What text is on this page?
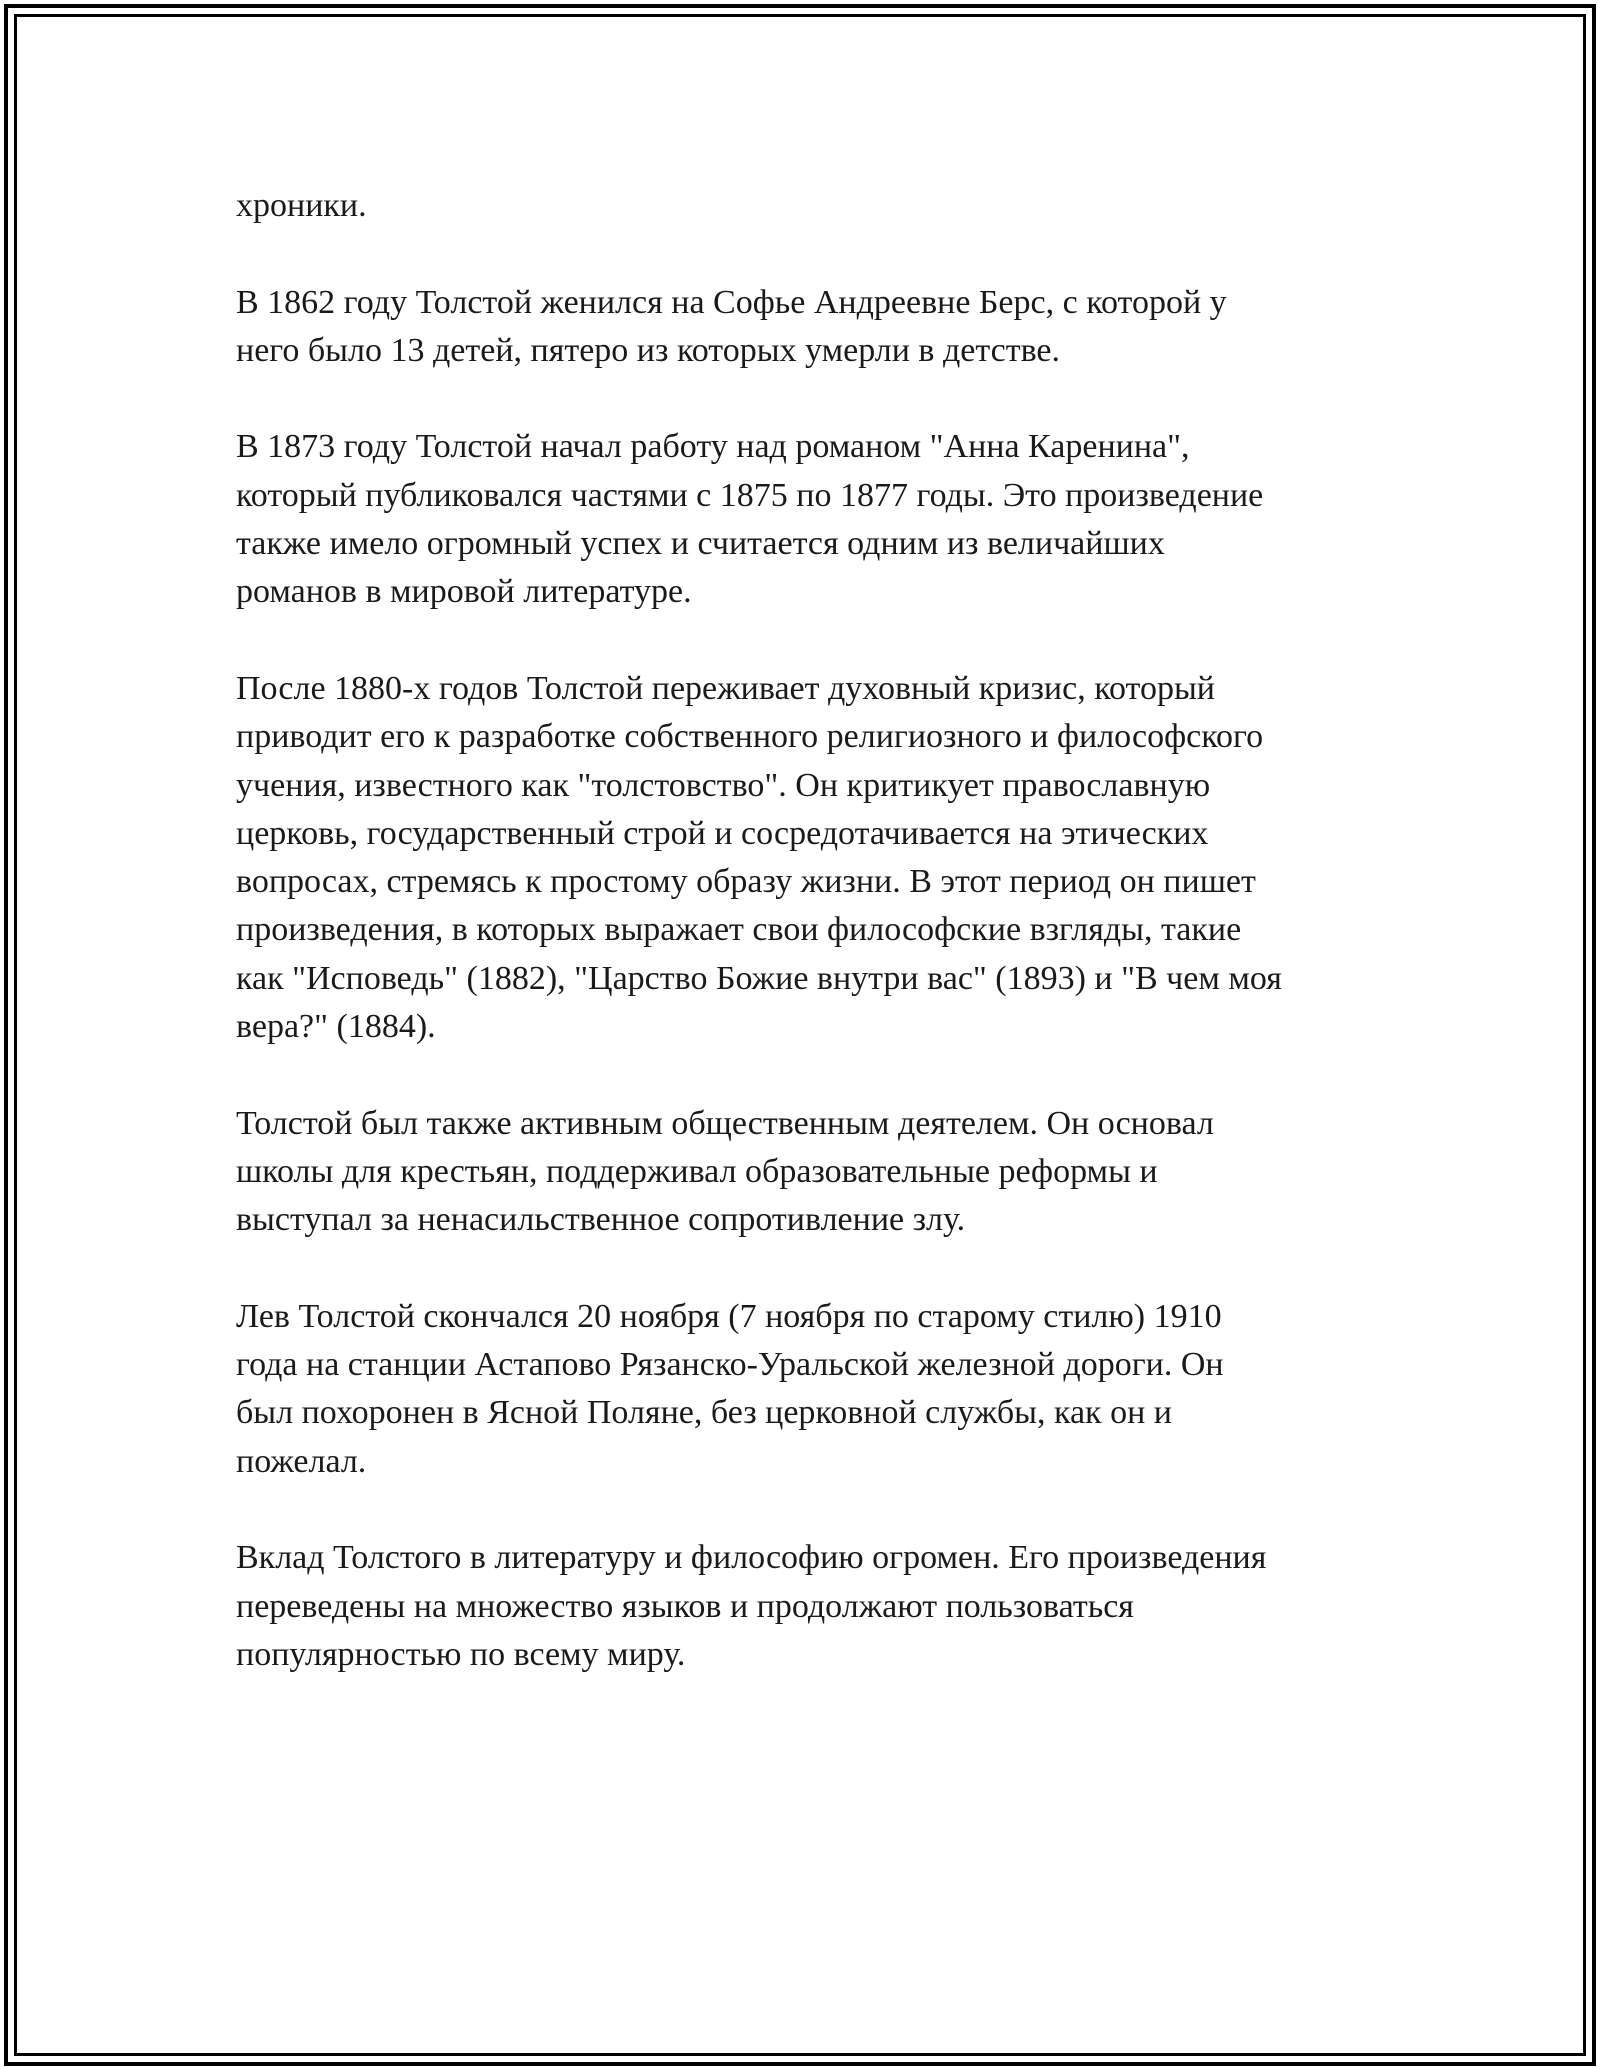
хроники.

В 1862 году Толстой женился на Софье Андреевне Берс, с которой у
него было 13 детей, пятеро из которых умерли в детстве.

В 1873 году Толстой начал работу над романом "Анна Каренина",
который публиковался частями с 1875 по 1877 годы. Это произведение
также имело огромный успех и считается одним из величайших
романов в мировой литературе.

После 1880-х годов Толстой переживает духовный кризис, который
приводит его к разработке собственного религиозного и философского
учения, известного как "толстовство". Он критикует православную
церковь, государственный строй и сосредотачивается на этических
вопросах, стремясь к простому образу жизни. В этот период он пишет
произведения, в которых выражает свои философские взгляды, такие
как "Исповедь" (1882), "Царство Божие внутри вас" (1893) и "В чем моя
вера?" (1884).

Толстой был также активным общественным деятелем. Он основал
школы для крестьян, поддерживал образовательные реформы и
выступал за ненасильственное сопротивление злу.

Лев Толстой скончался 20 ноября (7 ноября по старому стилю) 1910
года на станции Астапово Рязанско-Уральской железной дороги. Он
был похоронен в Ясной Поляне, без церковной службы, как он и
пожелал.

Вклад Толстого в литературу и философию огромен. Его произведения
переведены на множество языков и продолжают пользоваться
популярностью по всему миру.
